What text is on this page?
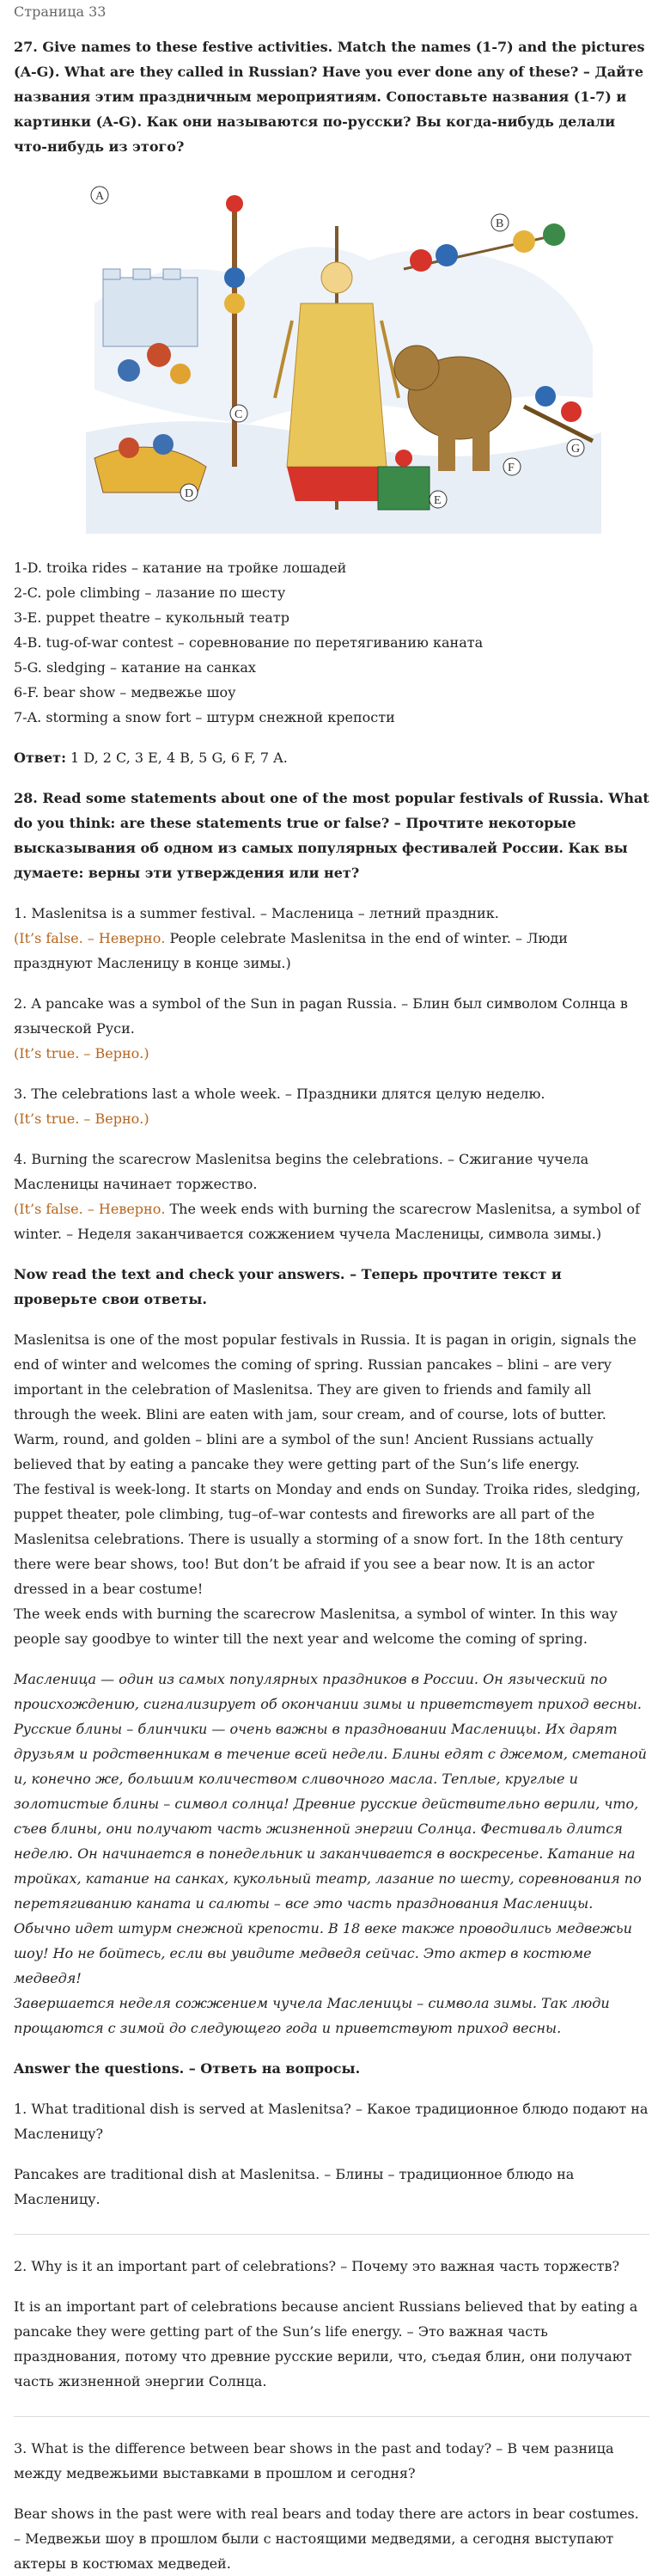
Страница 33

27. Give names to these festive activities. Match the names (1-7) and the pictures (A-G). What are they called in Russian? Have you ever done any of these? – Дайте названия этим праздничным мероприятиям. Сопоставьте названия (1-7) и картинки (A-G). Как они называются по-русски? Вы когда-нибудь делали что-нибудь из этого?

A
B
C
D
E
F
G

1-D. troika rides – катание на тройке лошадей

2-C. pole climbing – лазание по шесту

3-E. puppet theatre – кукольный театр

4-B. tug-of-war contest – соревнование по перетягиванию каната

5-G. sledging – катание на санках

6-F. bear show – медвежье шоу

7-A. storming a snow fort – штурм снежной крепости

Ответ: 1 D, 2 C, 3 E, 4 B, 5 G, 6 F, 7 A.

28. Read some statements about one of the most popular festivals of Russia. What do you think: are these statements true or false? – Прочтите некоторые высказывания об одном из самых популярных фестивалей России. Как вы думаете: верны эти утверждения или нет?

1. Maslenitsa is a summer festival. – Масленица – летний праздник.

(It’s false. – Неверно. People celebrate Maslenitsa in the end of winter. – Люди празднуют Масленицу в конце зимы.)

2. A pancake was a symbol of the Sun in pagan Russia. – Блин был символом Солнца в языческой Руси.

(It’s true. – Верно.)

3. The celebrations last a whole week. – Праздники длятся целую неделю.

(It’s true. – Верно.)

4. Burning the scarecrow Maslenitsa begins the celebrations. – Сжигание чучела Масленицы начинает торжество.

(It’s false. – Неверно. The week ends with burning the scarecrow Maslenitsa, a symbol of winter. – Неделя заканчивается сожжением чучела Масленицы, символа зимы.)

Now read the text and check your answers. – Теперь прочтите текст и проверьте свои ответы.

Maslenitsa is one of the most popular festivals in Russia. It is pagan in origin, signals the end of winter and welcomes the coming of spring. Russian pancakes – blini – are very important in the celebration of Maslenitsa. They are given to friends and family all through the week. Blini are eaten with jam, sour cream, and of course, lots of butter. Warm, round, and golden – blini are a symbol of the sun! Ancient Russians actually believed that by eating a pancake they were getting part of the Sun’s life energy.

The festival is week-long. It starts on Monday and ends on Sunday. Troika rides, sledging, puppet theater, pole climbing, tug–of–war contests and fireworks are all part of the Maslenitsa celebrations. There is usually a storming of a snow fort. In the 18th century there were bear shows, too! But don’t be afraid if you see a bear now. It is an actor dressed in a bear costume!

The week ends with burning the scarecrow Maslenitsa, a symbol of winter. In this way people say goodbye to winter till the next year and welcome the coming of spring.

Масленица — один из самых популярных праздников в России. Он языческий по происхождению, сигнализирует об окончании зимы и приветствует приход весны. Русские блины – блинчики — очень важны в праздновании Масленицы. Их дарят друзьям и родственникам в течение всей недели. Блины едят с джемом, сметаной и, конечно же, большим количеством сливочного масла. Теплые, круглые и золотистые блины – символ солнца! Древние русские действительно верили, что, съев блины, они получают часть жизненной энергии Солнца. Фестиваль длится неделю. Он начинается в понедельник и заканчивается в воскресенье. Катание на тройках, катание на санках, кукольный театр, лазание по шесту, соревнования по перетягиванию каната и салюты – все это часть празднования Масленицы. Обычно идет штурм снежной крепости. В 18 веке также проводились медвежьи шоу! Но не бойтесь, если вы увидите медведя сейчас. Это актер в костюме медведя!

Завершается неделя сожжением чучела Масленицы – символа зимы. Так люди прощаются с зимой до следующего года и приветствуют приход весны.

Answer the questions. – Ответь на вопросы.

1. What traditional dish is served at Maslenitsa? – Какое традиционное блюдо подают на Масленицу?

Pancakes are traditional dish at Maslenitsa. – Блины – традиционное блюдо на Масленицу.

2. Why is it an important part of celebrations? – Почему это важная часть торжеств?

It is an important part of celebrations because ancient Russians believed that by eating a pancake they were getting part of the Sun’s life energy. – Это важная часть празднования, потому что древние русские верили, что, съедая блин, они получают часть жизненной энергии Солнца.

3. What is the difference between bear shows in the past and today? – В чем разница между медвежьими выставками в прошлом и сегодня?

Bear shows in the past were with real bears and today there are actors in bear costumes. – Медвежьи шоу в прошлом были с настоящими медведями, а сегодня выступают актеры в костюмах медведей.
